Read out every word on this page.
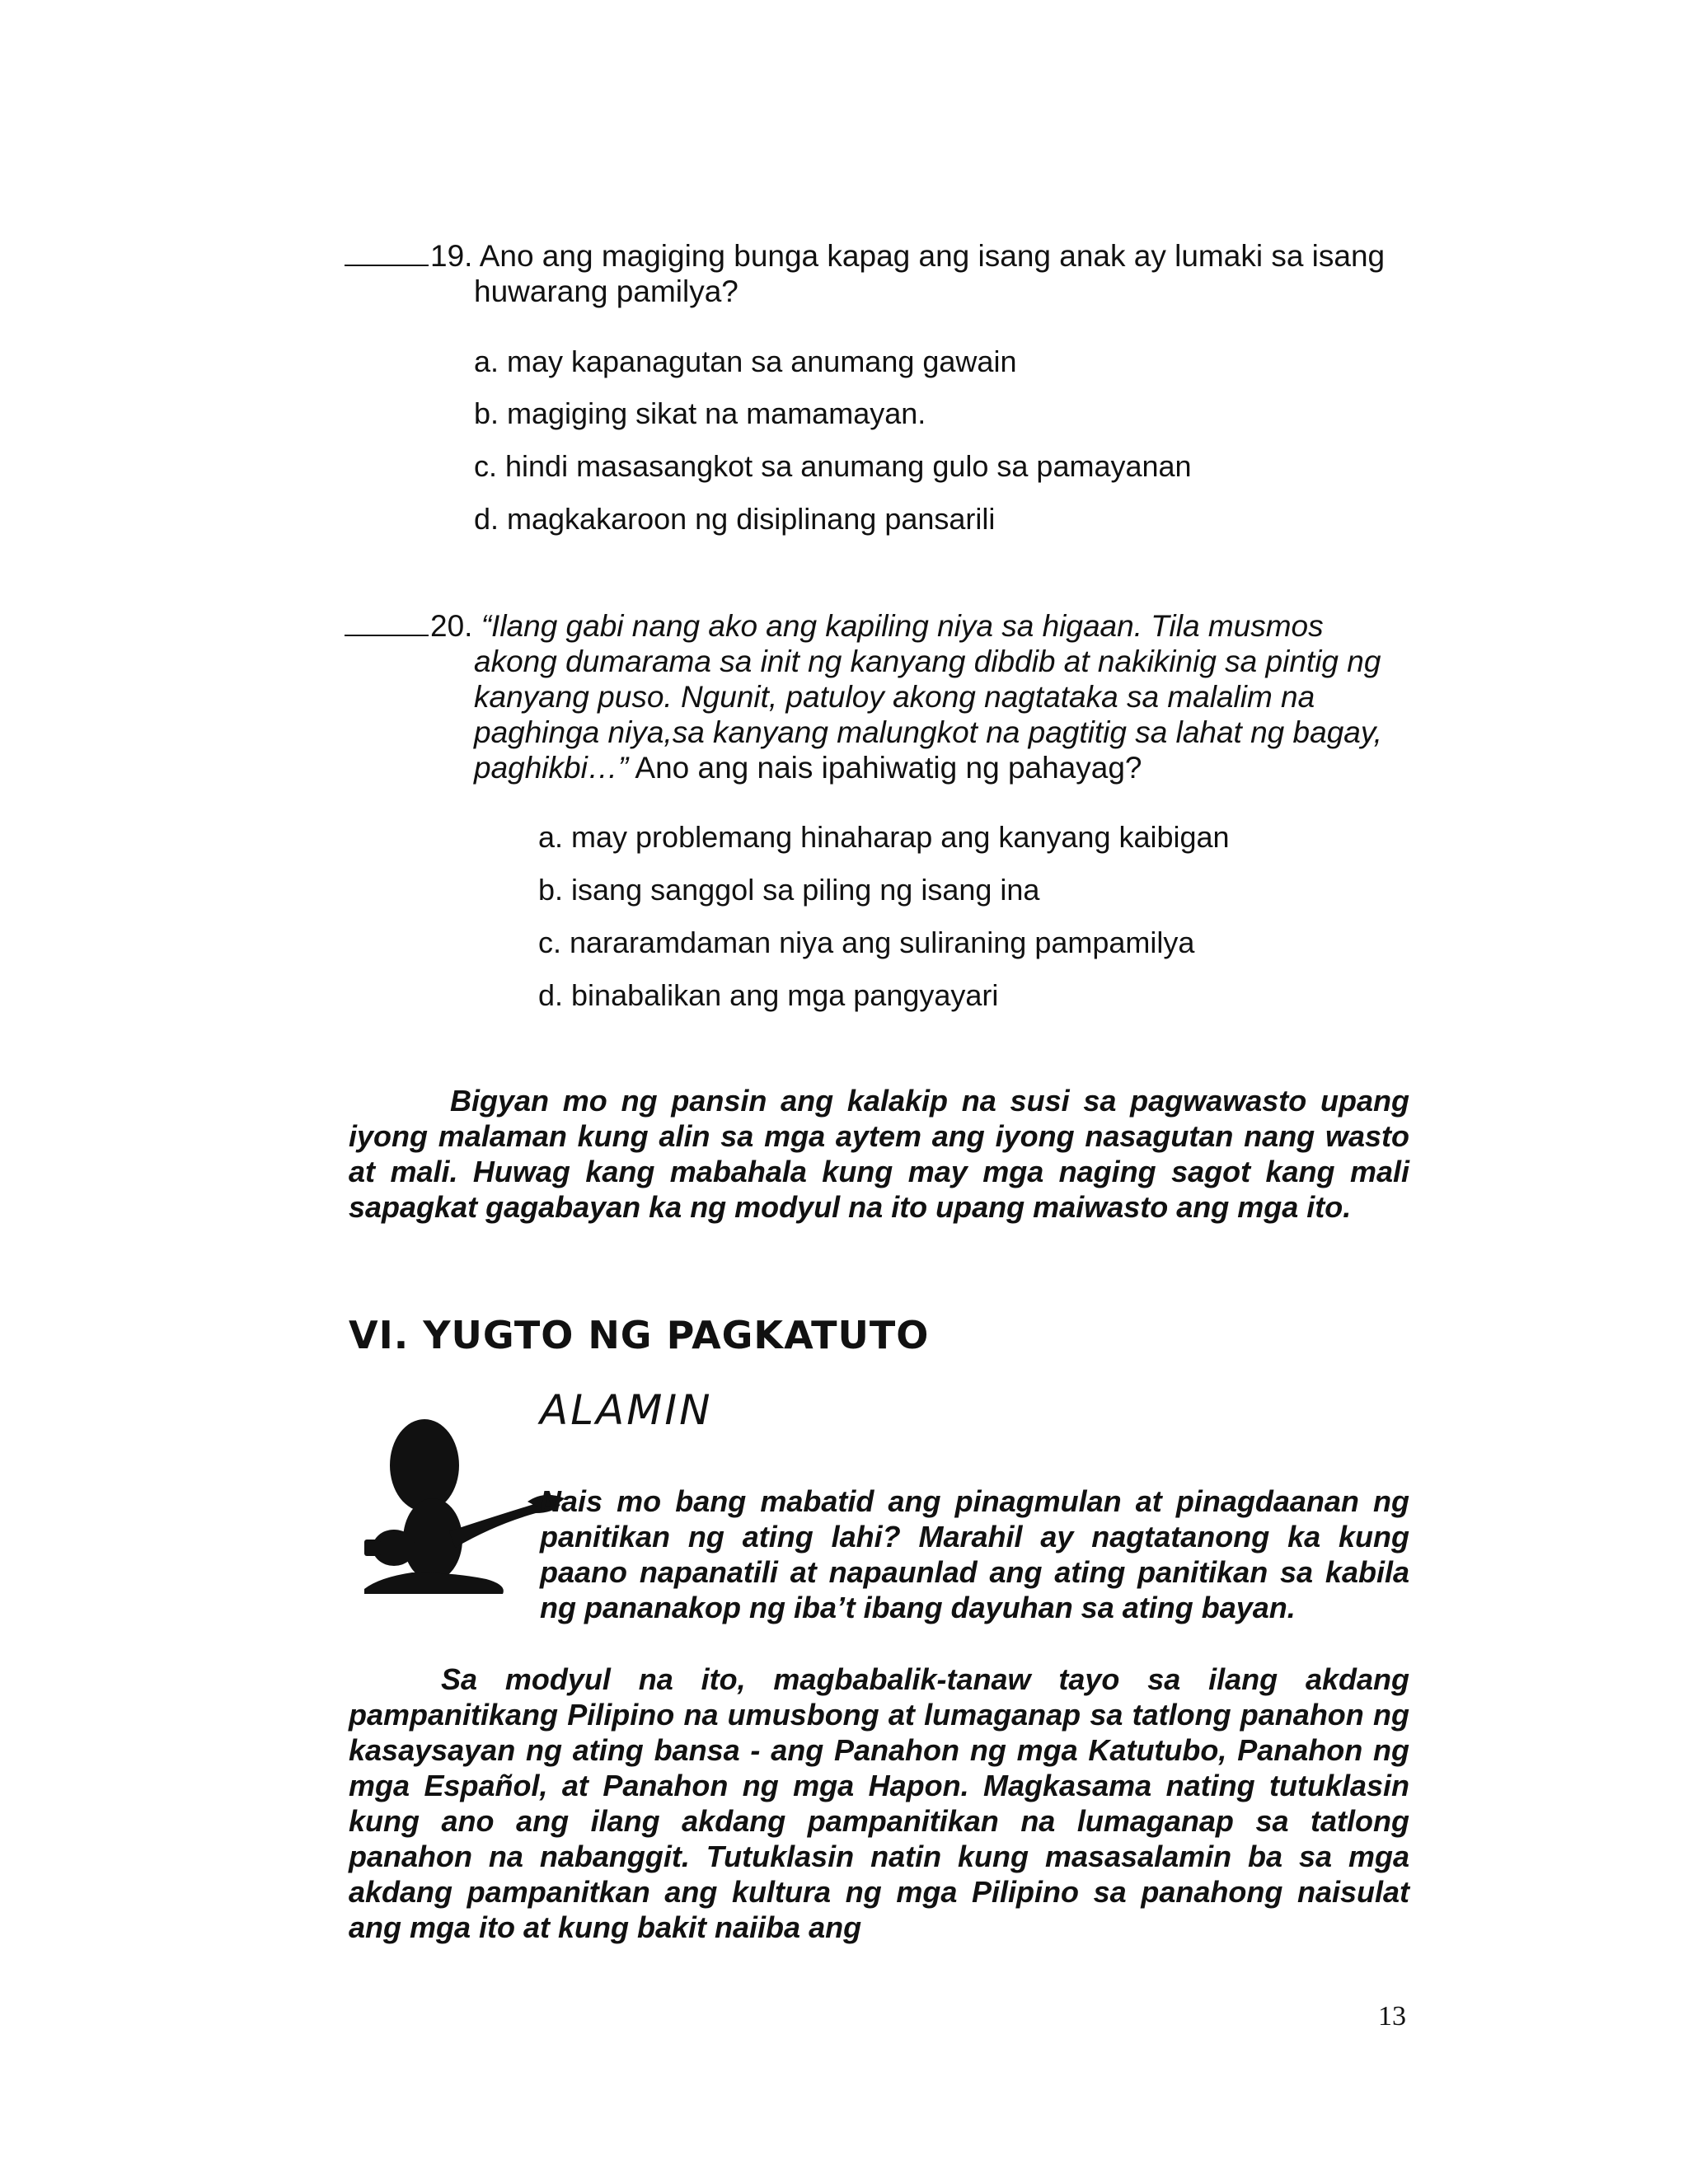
19. Ano ang magiging bunga kapag ang isang anak ay lumaki sa isang
huwarang pamilya?
a. may kapanagutan sa anumang gawain
b. magiging sikat na mamamayan.
c. hindi masasangkot sa anumang gulo sa pamayanan
d. magkakaroon ng disiplinang pansarili
20. “Ilang gabi nang ako ang kapiling niya sa higaan. Tila musmos
akong dumarama sa init ng kanyang dibdib at nakikinig sa pintig ng
kanyang puso. Ngunit, patuloy akong nagtataka sa malalim na
paghinga niya,sa kanyang malungkot na pagtitig sa lahat ng bagay,
paghikbi…” Ano ang nais ipahiwatig ng pahayag?
a. may problemang hinaharap ang kanyang kaibigan
b. isang sanggol sa piling ng isang ina
c. nararamdaman niya ang suliraning pampamilya
d. binabalikan ang mga pangyayari
Bigyan mo ng pansin ang kalakip na susi sa pagwawasto upang iyong malaman kung alin sa mga aytem ang iyong nasagutan nang wasto at mali. Huwag kang mabahala kung may mga naging sagot kang mali sapagkat gagabayan ka ng modyul na ito upang maiwasto ang mga ito.
VI. YUGTO NG PAGKATUTO
ALAMIN
Nais mo bang mabatid ang pinagmulan at pinagdaanan ng panitikan ng ating lahi? Marahil ay nagtatanong ka kung paano napanatili at napaunlad ang ating panitikan sa kabila ng pananakop ng iba’t ibang dayuhan sa ating bayan.
Sa modyul na ito, magbabalik-tanaw tayo sa ilang akdang pampanitikang Pilipino na umusbong at lumaganap sa tatlong panahon ng kasaysayan ng ating bansa - ang Panahon ng mga Katutubo, Panahon ng mga Español, at Panahon ng mga Hapon. Magkasama nating tutuklasin kung ano ang ilang akdang pampanitikan na lumaganap sa tatlong panahon na nabanggit. Tutuklasin natin kung masasalamin ba sa mga akdang pampanitkan ang kultura ng mga Pilipino sa panahong naisulat ang mga ito at kung bakit naiiba ang
13
